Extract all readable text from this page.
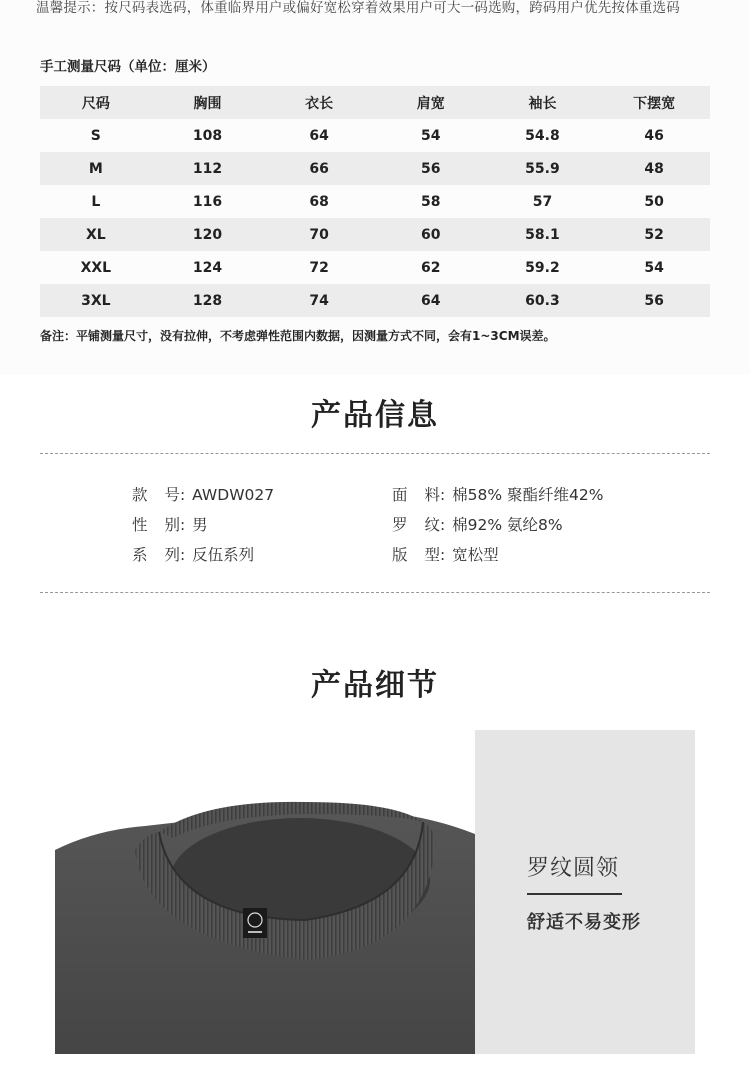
温馨提示：按尺码表选码，体重临界用户或偏好宽松穿着效果用户可大一码选购，跨码用户优先按体重选码
手工测量尺码（单位：厘米）
尺码	胸围	衣长	肩宽	袖长	下摆宽
S	108	64	54	54.8	46
M	112	66	56	55.9	48
L	116	68	58	57	50
XL	120	70	60	58.1	52
XXL	124	72	62	59.2	54
3XL	128	74	64	60.3	56
备注：平铺测量尺寸，没有拉伸，不考虑弹性范围内数据，因测量方式不同，会有1~3CM误差。
产品信息
款号: AWDW027
性别: 男
系列: 反伍系列
面料: 棉58% 聚酯纤维42%
罗纹: 棉92% 氨纶8%
版型: 宽松型
产品细节
罗纹圆领
舒适不易变形
